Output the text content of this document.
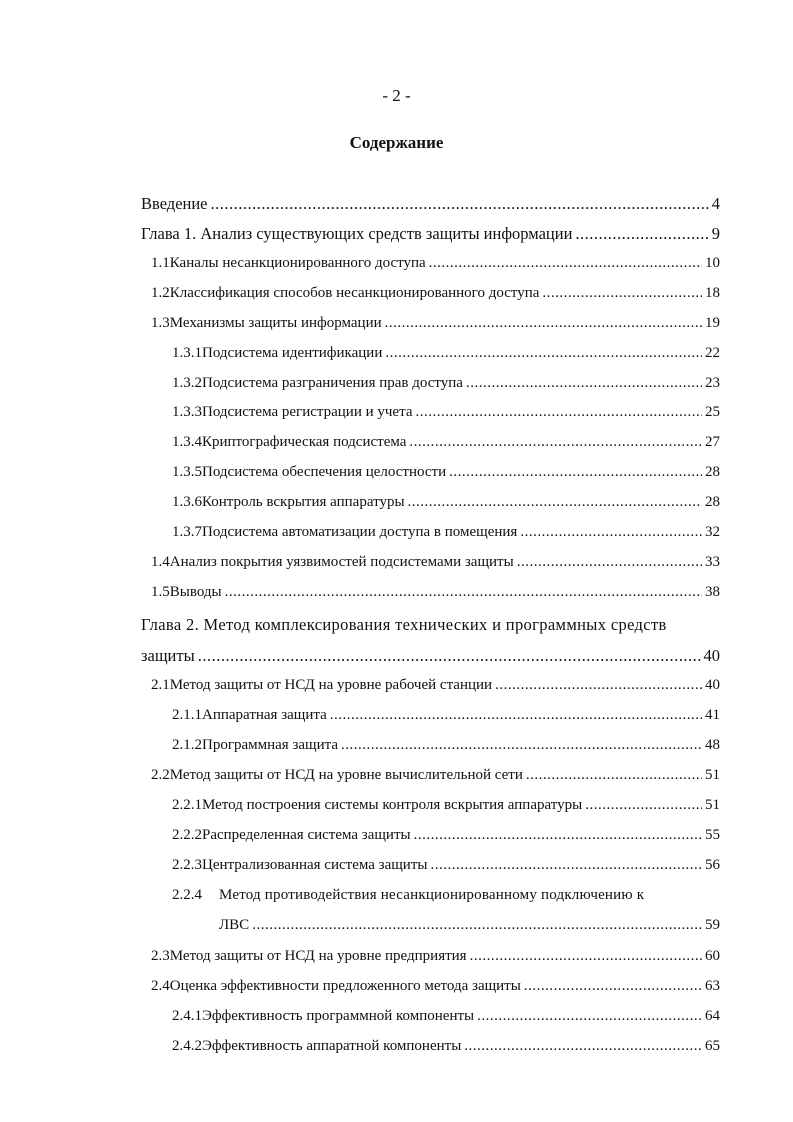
- 2 -
Содержание
Введение .....	4
Глава 1. Анализ существующих средств защиты информации .....	9
1.1 Каналы несанкционированного доступа .....	10
1.2 Классификация способов несанкционированного доступа .....	18
1.3 Механизмы защиты информации .....	19
1.3.1 Подсистема идентификации .....	22
1.3.2 Подсистема разграничения прав доступа .....	23
1.3.3 Подсистема регистрации и учета .....	25
1.3.4 Криптографическая подсистема .....	27
1.3.5 Подсистема обеспечения целостности .....	28
1.3.6 Контроль вскрытия аппаратуры .....	28
1.3.7 Подсистема автоматизации доступа в помещения .....	32
1.4 Анализ покрытия уязвимостей подсистемами защиты .....	33
1.5 Выводы .....	38
Глава 2. Метод комплексирования технических и программных средств
защиты .....	40
2.1 Метод защиты от НСД на уровне рабочей станции .....	40
2.1.1 Аппаратная защита .....	41
2.1.2 Программная защита .....	48
2.2 Метод защиты от НСД на уровне вычислительной сети .....	51
2.2.1 Метод построения системы контроля вскрытия аппаратуры .....	51
2.2.2 Распределенная система защиты .....	55
2.2.3 Централизованная система защиты .....	56
2.2.4	Метод противодействия несанкционированному подключению к
ЛВС .....	59
2.3 Метод защиты от НСД на уровне предприятия .....	60
2.4 Оценка эффективности предложенного метода защиты .....	63
2.4.1 Эффективность программной компоненты .....	64
2.4.2 Эффективность аппаратной компоненты .....	65
